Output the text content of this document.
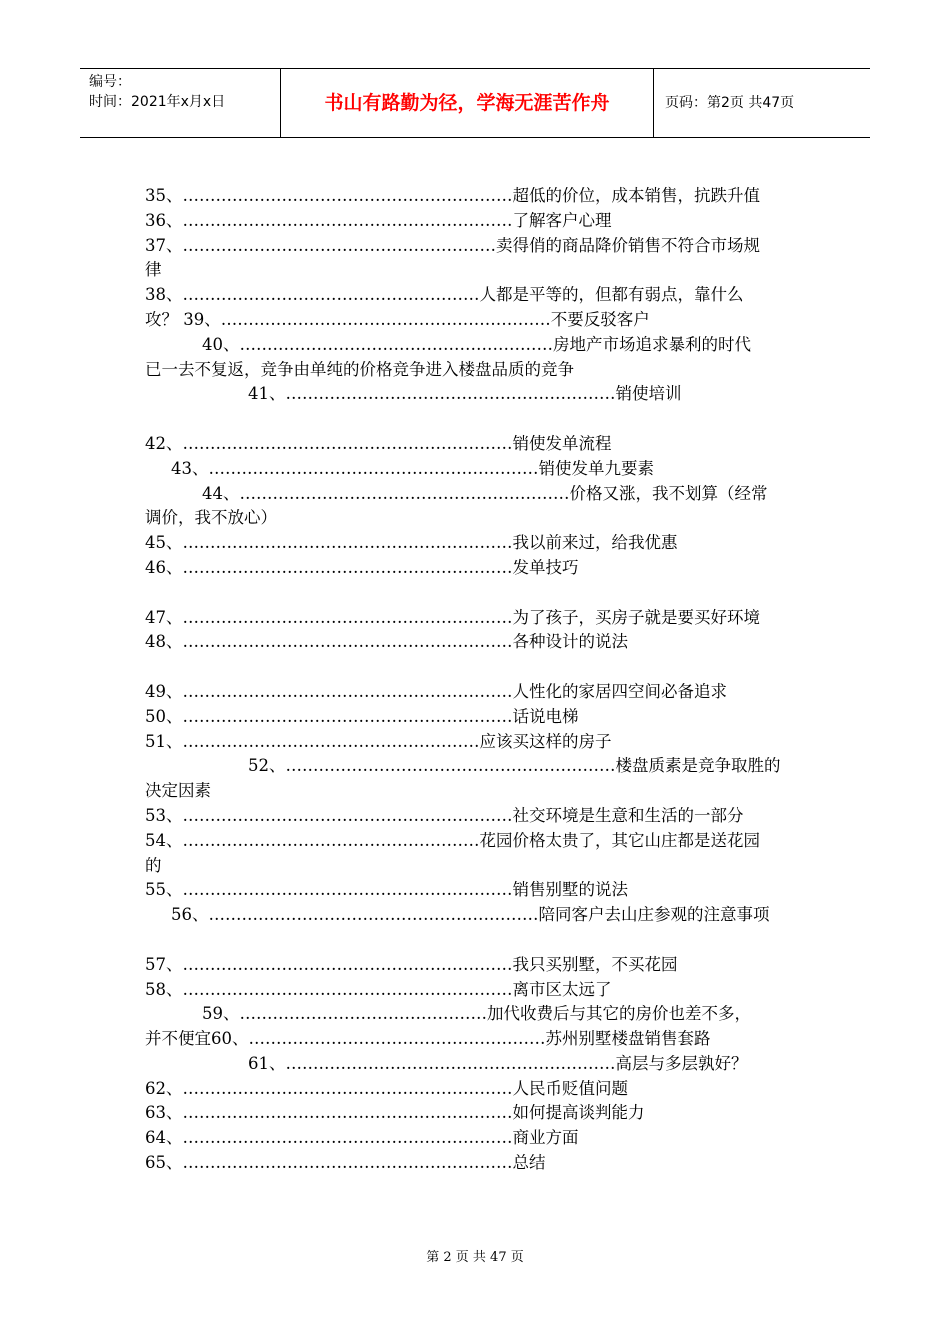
编号：
时间：2021年x月x日	书山有路勤为径，学海无涯苦作舟	页码：第2页 共47页
35、……………………………………………………超低的价位，成本销售，抗跌升值
36、……………………………………………………了解客户心理
37、…………………………………………………卖得俏的商品降价销售不符合市场规
律
38、………………………………………………人都是平等的，但都有弱点，靠什么
攻？ 39、……………………………………………………不要反驳客户
40、…………………………………………………房地产市场追求暴利的时代
已一去不复返，竞争由单纯的价格竞争进入楼盘品质的竞争
41、……………………………………………………销使培训
42、……………………………………………………销使发单流程
43、……………………………………………………销使发单九要素
44、……………………………………………………价格又涨，我不划算（经常
调价，我不放心）
45、……………………………………………………我以前来过，给我优惠
46、……………………………………………………发单技巧
47、……………………………………………………为了孩子，买房子就是要买好环境
48、……………………………………………………各种设计的说法
49、……………………………………………………人性化的家居四空间必备追求
50、……………………………………………………话说电梯
51、………………………………………………应该买这样的房子
52、……………………………………………………楼盘质素是竞争取胜的
决定因素
53、……………………………………………………社交环境是生意和生活的一部分
54、………………………………………………花园价格太贵了，其它山庄都是送花园
的
55、……………………………………………………销售别墅的说法
56、……………………………………………………陪同客户去山庄参观的注意事项
57、……………………………………………………我只买别墅，不买花园
58、……………………………………………………离市区太远了
59、………………………………………加代收费后与其它的房价也差不多，
并不便宜60、………………………………………………苏州别墅楼盘销售套路
61、……………………………………………………高层与多层孰好？
62、……………………………………………………人民币贬值问题
63、……………………………………………………如何提高谈判能力
64、……………………………………………………商业方面
65、……………………………………………………总结
第 2 页 共 47 页
